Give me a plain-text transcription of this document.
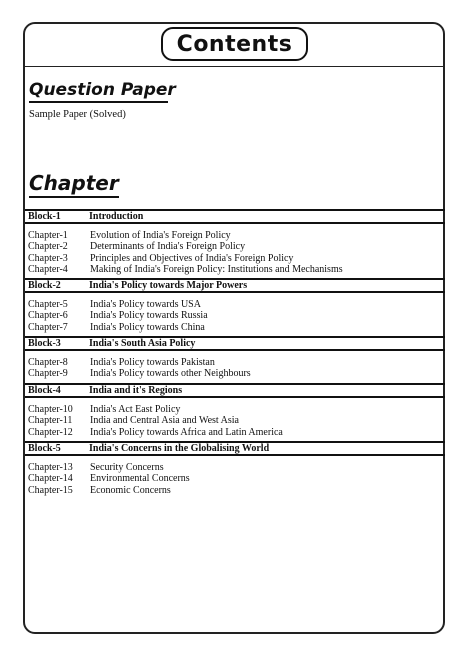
Contents
Question Paper
Sample Paper (Solved)
Chapter
Block-1	Introduction
Chapter-1	Evolution of India's Foreign Policy
Chapter-2	Determinants of India's Foreign Policy
Chapter-3	Principles and Objectives of India's Foreign Policy
Chapter-4	Making of India's Foreign Policy: Institutions and Mechanisms
Block-2	India's Policy towards Major Powers
Chapter-5	India's Policy towards USA
Chapter-6	India's Policy towards Russia
Chapter-7	India's Policy towards China
Block-3	India's South Asia Policy
Chapter-8	India's Policy towards Pakistan
Chapter-9	India's Policy towards other Neighbours
Block-4	India and it's Regions
Chapter-10	India's Act East Policy
Chapter-11	India and Central Asia and West Asia
Chapter-12	India's Policy towards Africa and Latin America
Block-5	India's Concerns in the Globalising World
Chapter-13	Security Concerns
Chapter-14	Environmental Concerns
Chapter-15	Economic Concerns
